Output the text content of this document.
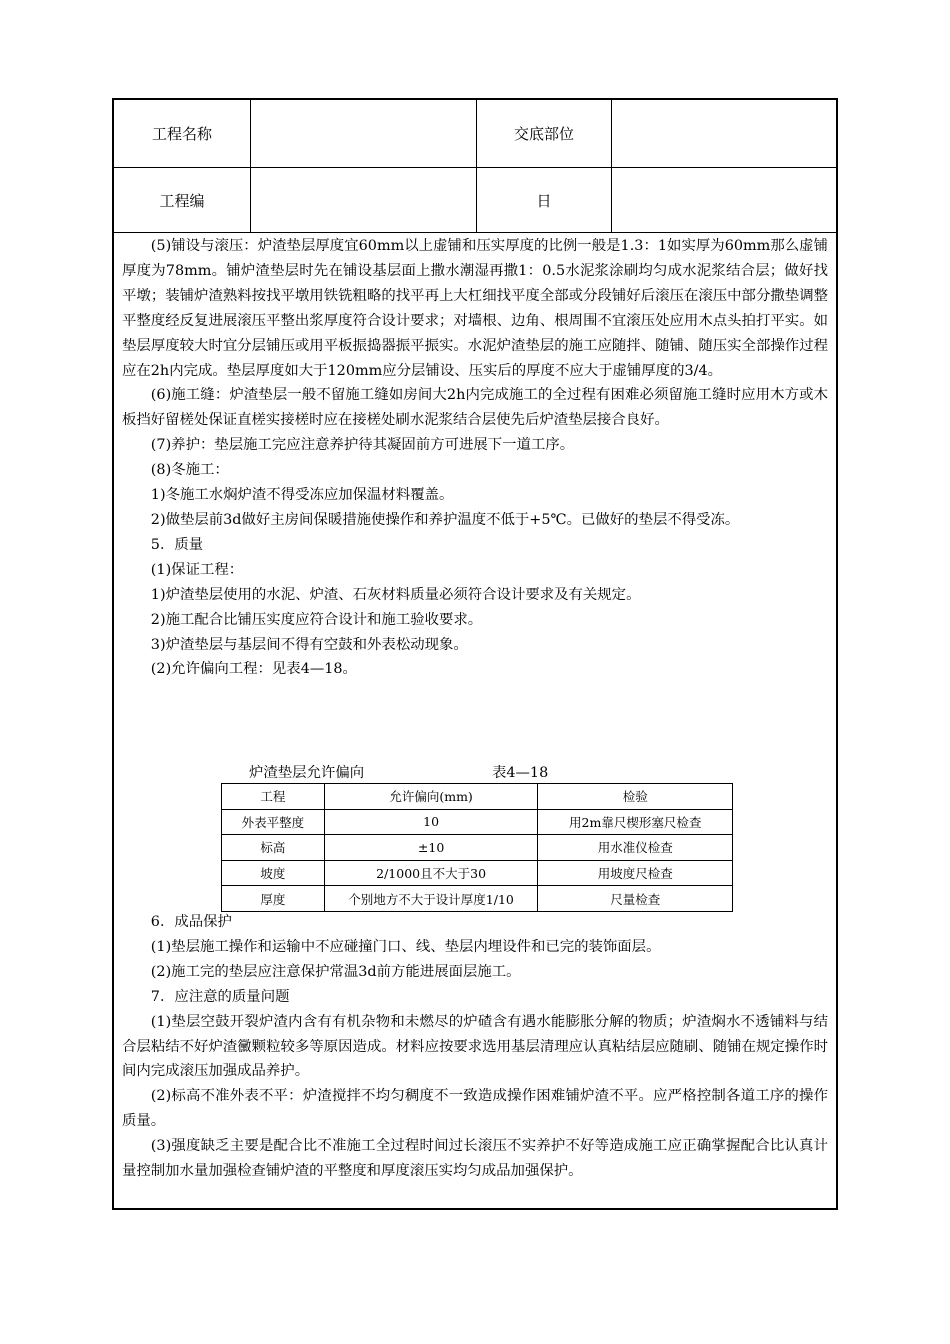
工程名称	交底部位
工程编	日

(5)铺设与滚压：炉渣垫层厚度宜60mm以上虚铺和压实厚度的比例一般是1.3：1如实厚为60mm那么虚铺厚度为78mm。铺炉渣垫层时先在铺设基层面上撒水潮湿再撒1：0.5水泥浆涂刷均匀成水泥浆结合层；做好找平墩；装铺炉渣熟料按找平墩用铁铣粗略的找平再上大杠细找平度全部或分段铺好后滚压在滚压中部分撒垫调整平整度经反复进展滚压平整出浆厚度符合设计要求；对墙根、边角、根周围不宜滚压处应用木点头拍打平实。如垫层厚度较大时宜分层铺压或用平板振捣器振平振实。水泥炉渣垫层的施工应随拌、随铺、随压实全部操作过程应在2h内完成。垫层厚度如大于120mm应分层铺设、压实后的厚度不应大于虚铺厚度的3/4。

(6)施工缝：炉渣垫层一般不留施工缝如房间大2h内完成施工的全过程有困难必须留施工缝时应用木方或木板挡好留槎处保证直槎实接槎时应在接槎处刷水泥浆结合层使先后炉渣垫层接合良好。

(7)养护：垫层施工完应注意养护待其凝固前方可进展下一道工序。

(8)冬施工：

1)冬施工水焖炉渣不得受冻应加保温材料覆盖。

2)做垫层前3d做好主房间保暖措施使操作和养护温度不低于+5℃。已做好的垫层不得受冻。

5．质量

(1)保证工程：

1)炉渣垫层使用的水泥、炉渣、石灰材料质量必须符合设计要求及有关规定。

2)施工配合比铺压实度应符合设计和施工验收要求。

3)炉渣垫层与基层间不得有空鼓和外表松动现象。

(2)允许偏向工程：见表4—18。

炉渣垫层允许偏向	表4—18
工程	允许偏向(mm)	检验
外表平整度	10	用2m靠尺楔形塞尺检查
标高	±10	用水准仪检查
坡度	2/1000且不大于30	用坡度尺检查
厚度	个别地方不大于设计厚度1/10	尺量检查

6．成品保护

(1)垫层施工操作和运输中不应碰撞门口、线、垫层内埋设件和已完的装饰面层。

(2)施工完的垫层应注意保护常温3d前方能进展面层施工。

7．应注意的质量问题

(1)垫层空鼓开裂炉渣内含有有机杂物和未燃尽的炉碴含有遇水能膨胀分解的物质；炉渣焖水不透铺料与结合层粘结不好炉渣黴颗粒较多等原因造成。材料应按要求选用基层清理应认真粘结层应随刷、随铺在规定操作时间内完成滚压加强成品养护。

(2)标高不准外表不平：炉渣搅拌不均匀稠度不一致造成操作困难铺炉渣不平。应严格控制各道工序的操作质量。

(3)强度缺乏主要是配合比不准施工全过程时间过长滚压不实养护不好等造成施工应正确掌握配合比认真计量控制加水量加强检查铺炉渣的平整度和厚度滚压实均匀成品加强保护。
